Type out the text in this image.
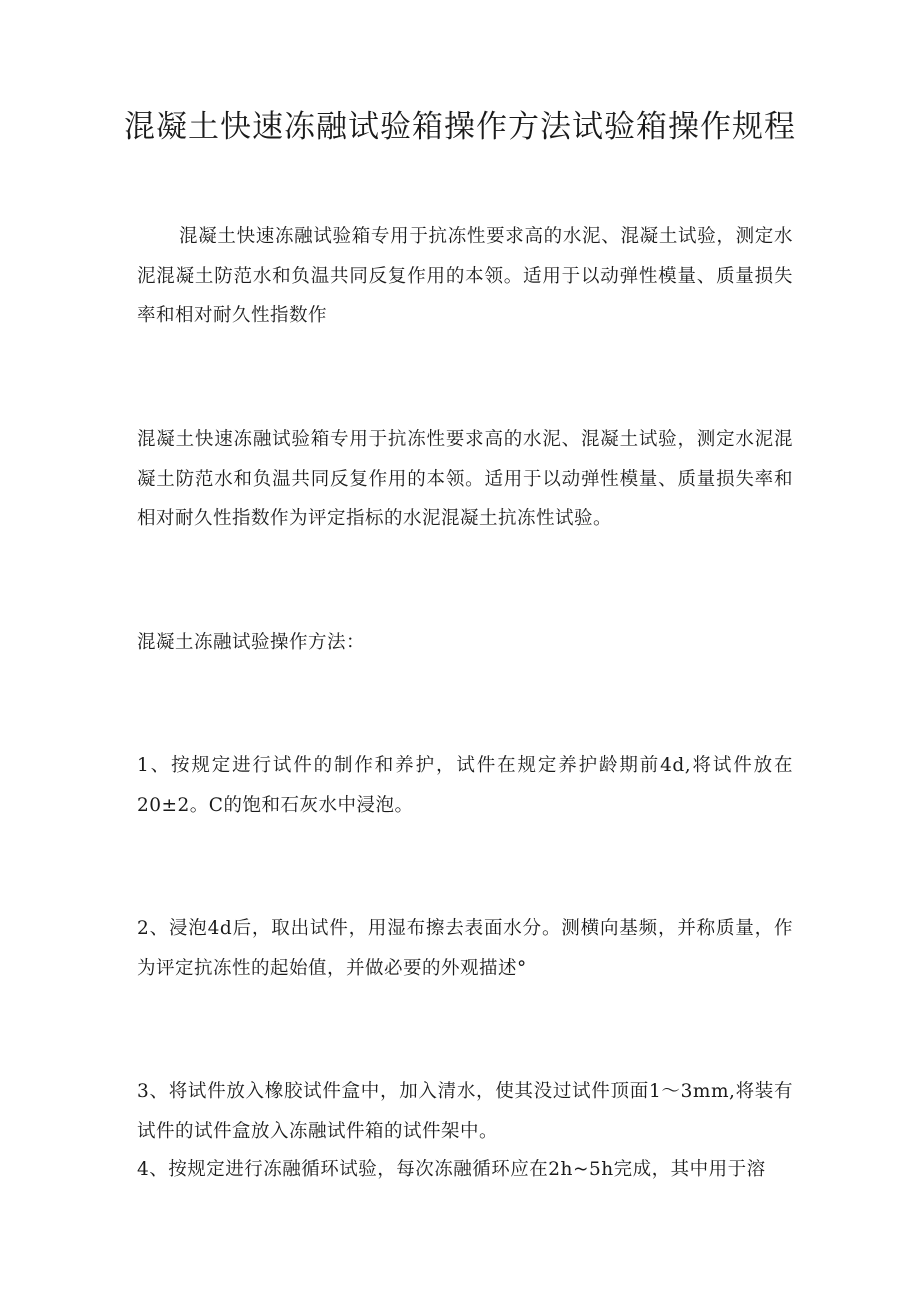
混凝土快速冻融试验箱操作方法试验箱操作规程

混凝土快速冻融试验箱专用于抗冻性要求高的水泥、混凝土试验，测定水泥混凝土防范水和负温共同反复作用的本领。适用于以动弹性模量、质量损失率和相对耐久性指数作

混凝土快速冻融试验箱专用于抗冻性要求高的水泥、混凝土试验，测定水泥混凝土防范水和负温共同反复作用的本领。适用于以动弹性模量、质量损失率和相对耐久性指数作为评定指标的水泥混凝土抗冻性试验。

混凝土冻融试验操作方法：

1、按规定进行试件的制作和养护，试件在规定养护龄期前4d,将试件放在20±2。C的饱和石灰水中浸泡。

2、浸泡4d后，取出试件，用湿布擦去表面水分。测横向基频，并称质量，作为评定抗冻性的起始值，并做必要的外观描述°

3、将试件放入橡胶试件盒中，加入清水，使其没过试件顶面1～3mm,将装有试件的试件盒放入冻融试件箱的试件架中。

4、按规定进行冻融循环试验，每次冻融循环应在2h~5h完成，其中用于溶
